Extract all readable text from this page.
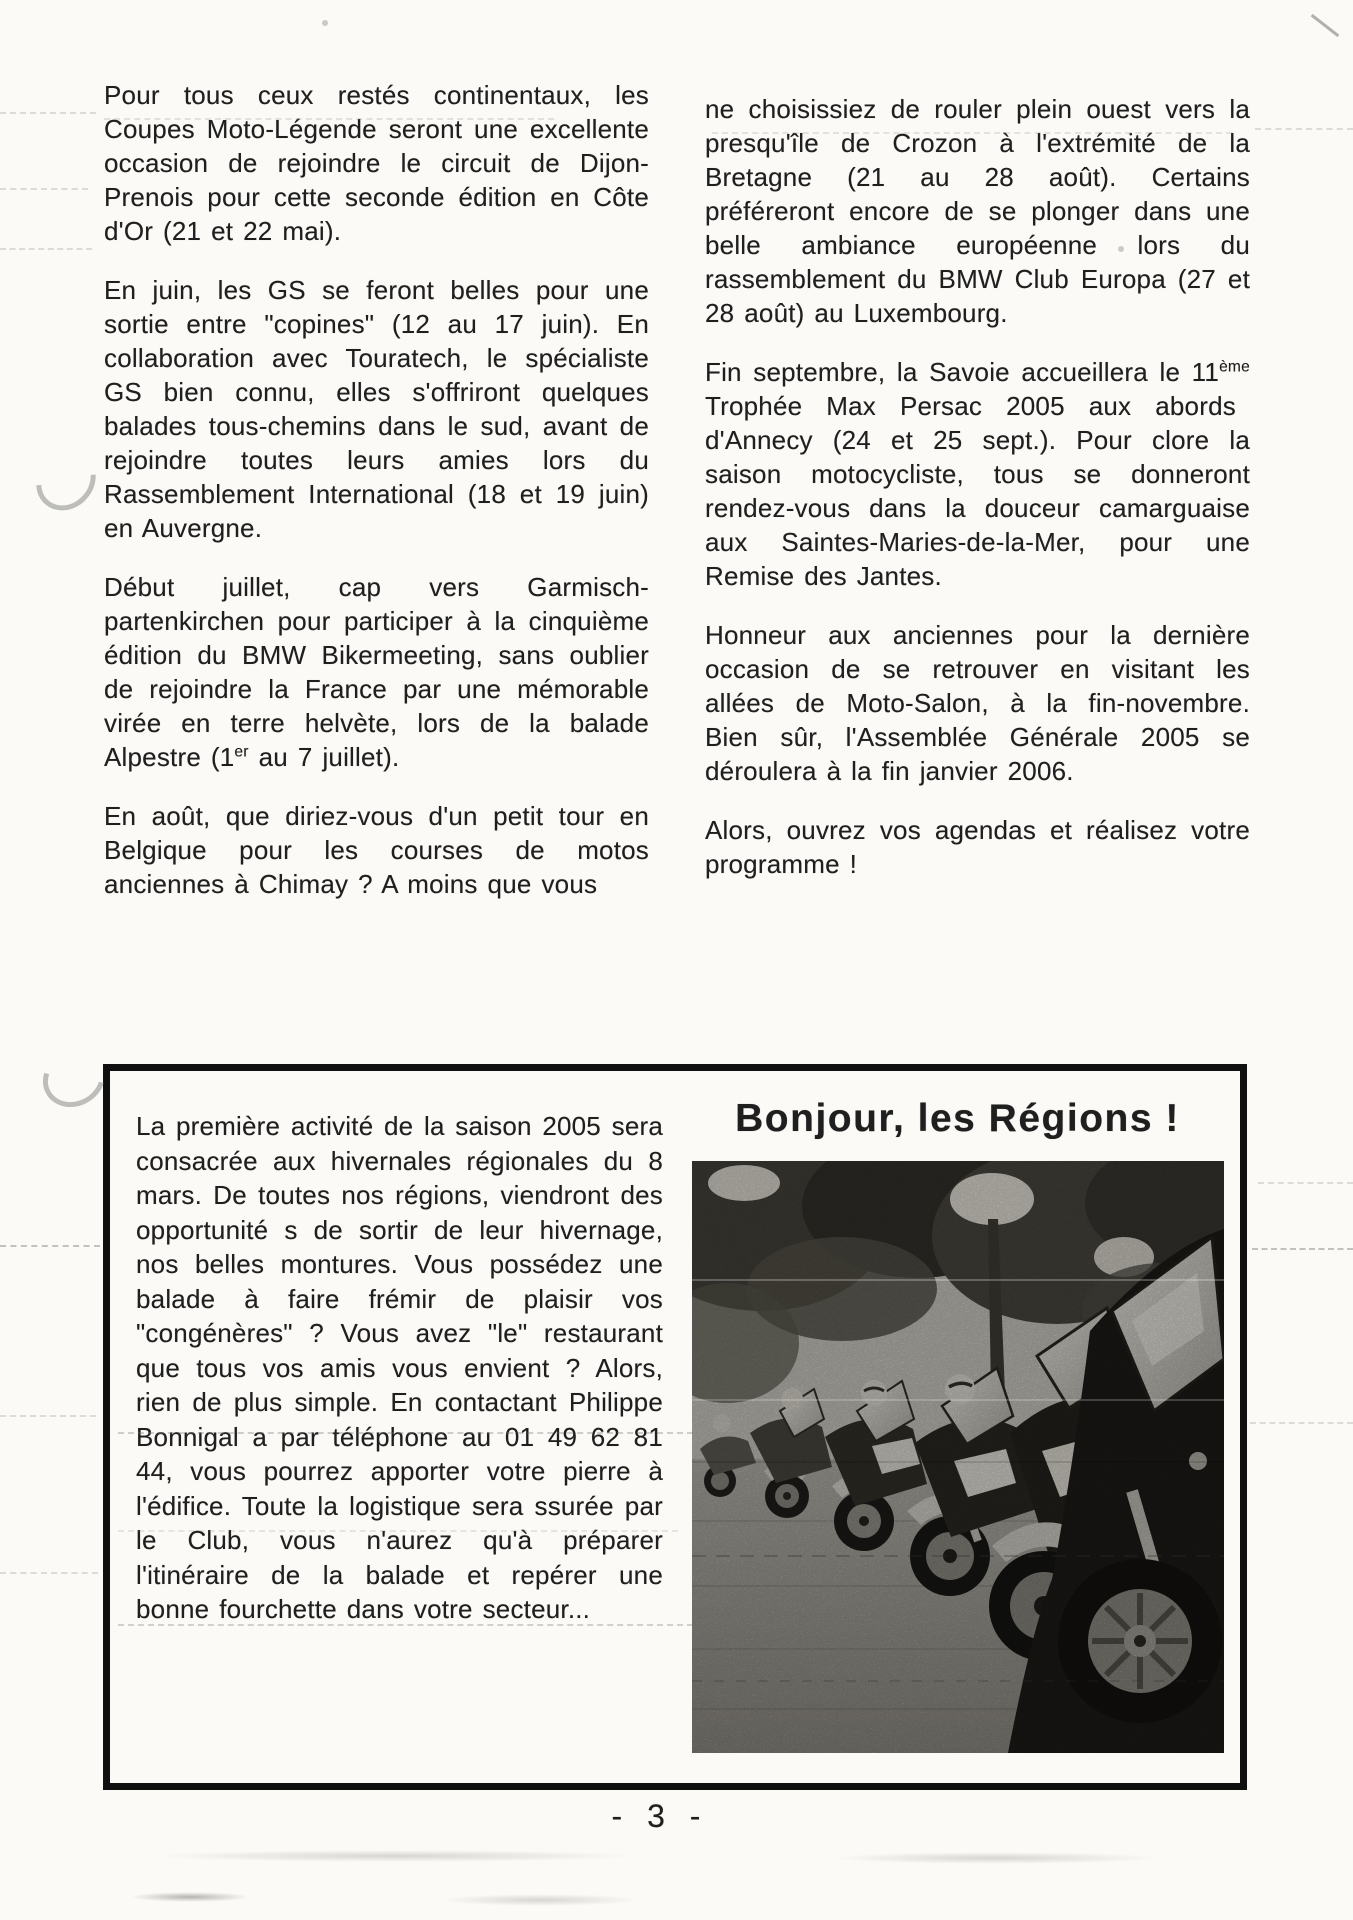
Pour tous ceux restés continentaux, les Coupes Moto-Légende seront une excellente occasion de rejoindre le circuit de Dijon-Prenois pour cette seconde édition en Côte d'Or (21 et 22 mai).

En juin, les GS se feront belles pour une sortie entre "copines" (12 au 17 juin). En collaboration avec Touratech, le spécialiste GS bien connu, elles s'offriront quelques balades tous-chemins dans le sud, avant de rejoindre toutes leurs amies lors du Rassemblement International (18 et 19 juin) en Auvergne.

Début juillet, cap vers Garmisch-partenkirchen pour participer à la cinquième édition du BMW Bikermeeting, sans oublier de rejoindre la France par une mémorable virée en terre helvète, lors de la balade Alpestre (1er au 7 juillet).

En août, que diriez-vous d'un petit tour en Belgique pour les courses de motos anciennes à Chimay ? A moins que vous

ne choisissiez de rouler plein ouest vers la presqu'île de Crozon à l'extrémité de la Bretagne (21 au 28 août). Certains préféreront encore de se plonger dans une belle ambiance européenne lors du rassemblement du BMW Club Europa (27 et 28 août) au Luxembourg.

Fin septembre, la Savoie accueillera le 11ème Trophée Max Persac 2005 aux abords d'Annecy (24 et 25 sept.). Pour clore la saison motocycliste, tous se donneront rendez-vous dans la douceur camarguaise aux Saintes-Maries-de-la-Mer, pour une Remise des Jantes.

Honneur aux anciennes pour la dernière occasion de se retrouver en visitant les allées de Moto-Salon, à la fin-novembre. Bien sûr, l'Assemblée Générale 2005 se déroulera à la fin janvier 2006.

Alors, ouvrez vos agendas et réalisez votre programme !

La première activité de la saison 2005 sera consacrée aux hivernales régionales du 8 mars. De toutes nos régions, viendront des opportunité s de sortir de leur hivernage, nos belles montures. Vous possédez une balade à faire frémir de plaisir vos "congénères" ? Vous avez "le" restaurant que tous vos amis vous envient ? Alors, rien de plus simple. En contactant Philippe Bonnigal a par téléphone au 01 49 62 81 44, vous pourrez apporter votre pierre à l'édifice. Toute la logistique sera ssurée par le Club, vous n'aurez qu'à préparer l'itinéraire de la balade et repérer une bonne fourchette dans votre secteur...

Bonjour, les Régions !
- 3 -
